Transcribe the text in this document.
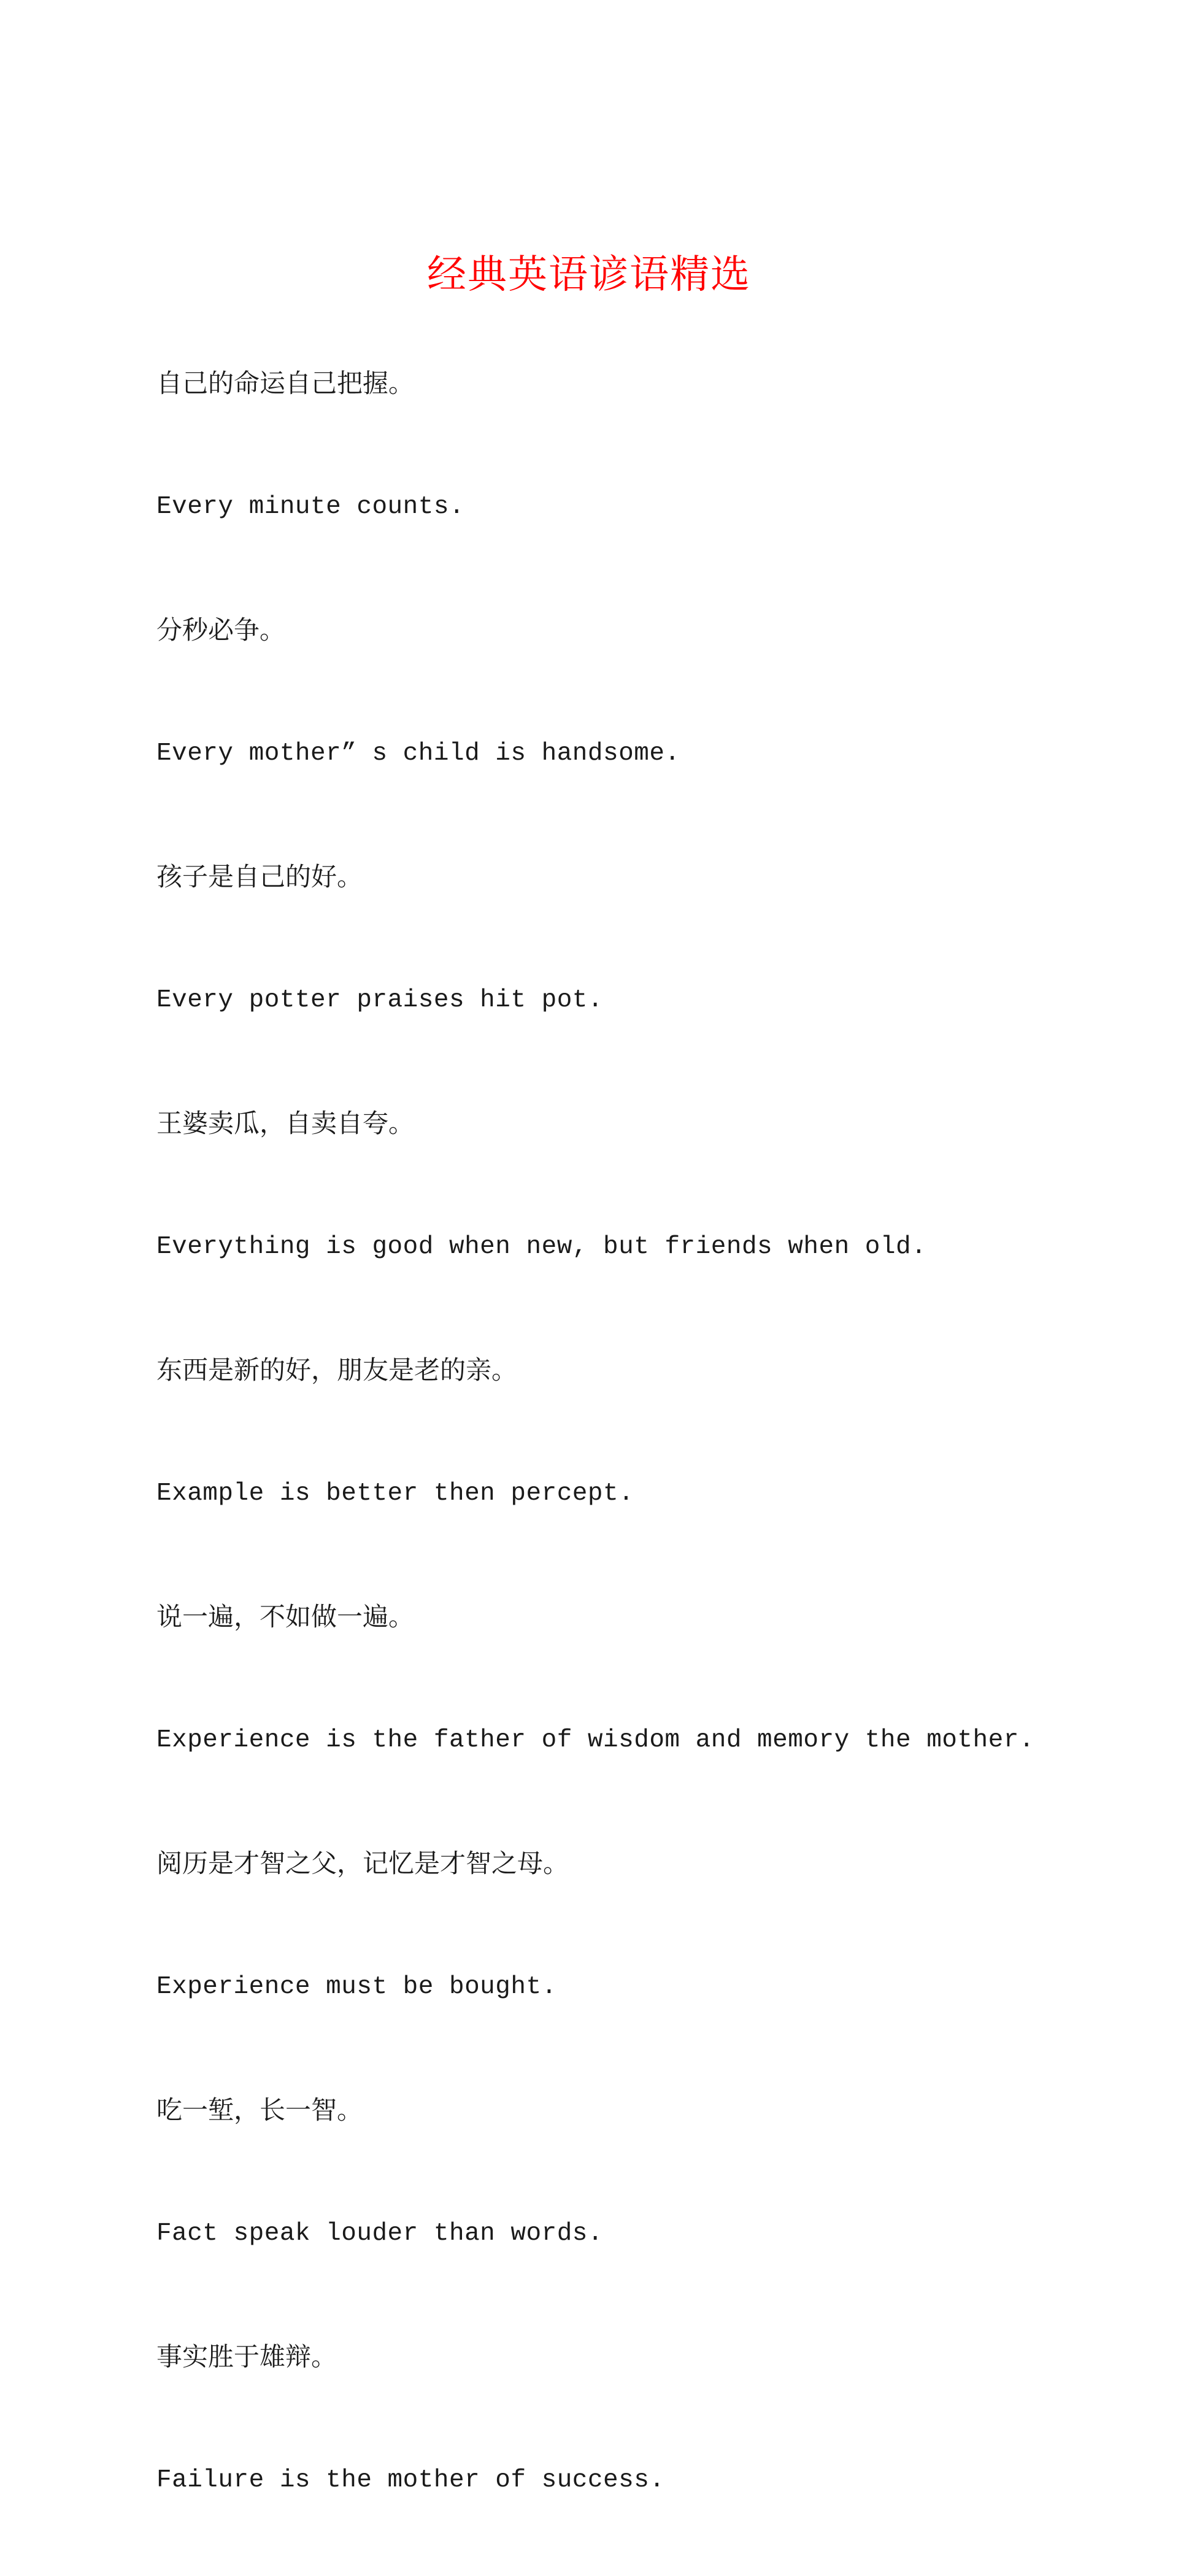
经典英语谚语精选
自己的命运自己把握。
Every minute counts.
分秒必争。
Every mother” s child is handsome.
孩子是自己的好。
Every potter praises hit pot.
王婆卖瓜，自卖自夸。
Everything is good when new, but friends when old.
东西是新的好，朋友是老的亲。
Example is better then percept.
说一遍，不如做一遍。
Experience is the father of wisdom and memory the mother.
阅历是才智之父，记忆是才智之母。
Experience must be bought.
吃一堑，长一智。
Fact speak louder than words.
事实胜于雄辩。
Failure is the mother of success.
